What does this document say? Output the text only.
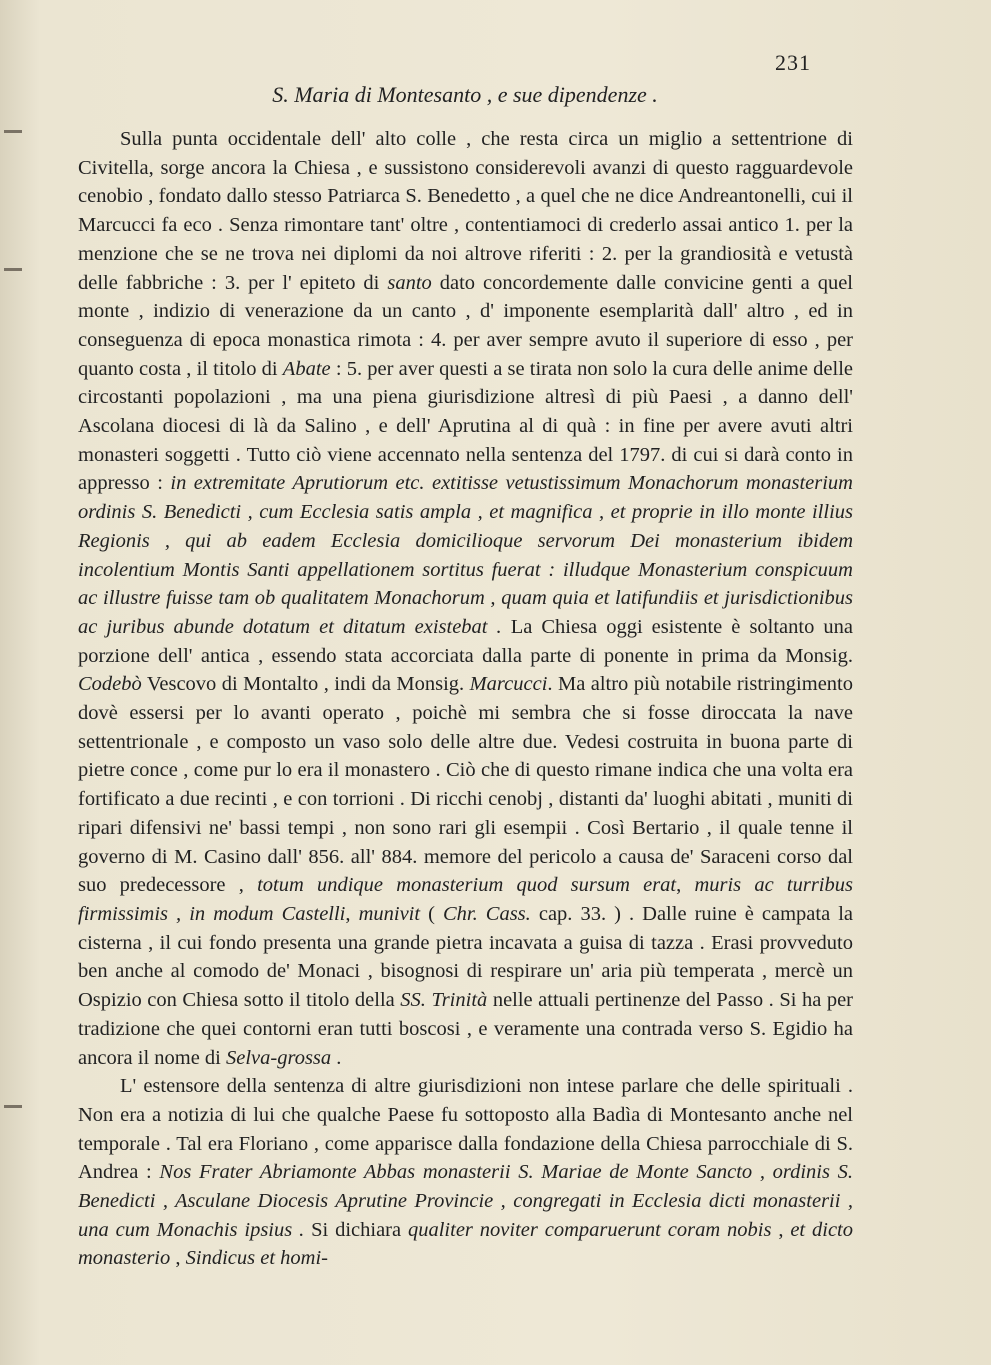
231
S. Maria di Montesanto , e sue dipendenze .

Sulla punta occidentale dell' alto colle , che resta circa un miglio a settentrione di Civitella, sorge ancora la Chiesa , e sussistono considerevoli avanzi di questo ragguardevole cenobio , fondato dallo stesso Patriarca S. Benedetto , a quel che ne dice Andreantonelli, cui il Marcucci fa eco . Senza rimontare tant' oltre , contentiamoci di crederlo assai antico 1. per la menzione che se ne trova nei diplomi da noi altrove riferiti : 2. per la grandiosità e vetustà delle fabbriche : 3. per l' epiteto di santo dato concordemente dalle convicine genti a quel monte , indizio di venerazione da un canto , d' imponente esemplarità dall' altro , ed in conseguenza di epoca monastica rimota : 4. per aver sempre avuto il superiore di esso , per quanto costa , il titolo di Abate : 5. per aver questi a se tirata non solo la cura delle anime delle circostanti popolazioni , ma una piena giurisdizione altresì di più Paesi , a danno dell' Ascolana diocesi di là da Salino , e dell' Aprutina al di quà : in fine per avere avuti altri monasteri soggetti . Tutto ciò viene accennato nella sentenza del 1797. di cui si darà conto in appresso : in extremitate Aprutiorum etc. extitisse vetustissimum Monachorum monasterium ordinis S. Benedicti , cum Ecclesia satis ampla , et magnifica , et proprie in illo monte illius Regionis , qui ab eadem Ecclesia domicilioque servorum Dei monasterium ibidem incolentium Montis Santi appellationem sortitus fuerat : illudque Monasterium conspicuum ac illustre fuisse tam ob qualitatem Monachorum , quam quia et latifundiis et jurisdictionibus ac juribus abunde dotatum et ditatum existebat . La Chiesa oggi esistente è soltanto una porzione dell' antica , essendo stata accorciata dalla parte di ponente in prima da Monsig. Codebò Vescovo di Montalto , indi da Monsig. Marcucci. Ma altro più notabile ristringimento dovè essersi per lo avanti operato , poichè mi sembra che si fosse diroccata la nave settentrionale , e composto un vaso solo delle altre due. Vedesi costruita in buona parte di pietre conce , come pur lo era il monastero . Ciò che di questo rimane indica che una volta era fortificato a due recinti , e con torrioni . Di ricchi cenobj , distanti da' luoghi abitati , muniti di ripari difensivi ne' bassi tempi , non sono rari gli esempii . Così Bertario , il quale tenne il governo di M. Casino dall' 856. all' 884. memore del pericolo a causa de' Saraceni corso dal suo predecessore , totum undique monasterium quod sursum erat, muris ac turribus firmissimis , in modum Castelli, munivit ( Chr. Cass. cap. 33. ) . Dalle ruine è campata la cisterna , il cui fondo presenta una grande pietra incavata a guisa di tazza . Erasi provveduto ben anche al comodo de' Monaci , bisognosi di respirare un' aria più temperata , mercè un Ospizio con Chiesa sotto il titolo della SS. Trinità nelle attuali pertinenze del Passo . Si ha per tradizione che quei contorni eran tutti boscosi , e veramente una contrada verso S. Egidio ha ancora il nome di Selva-grossa .

L' estensore della sentenza di altre giurisdizioni non intese parlare che delle spirituali . Non era a notizia di lui che qualche Paese fu sottoposto alla Badìa di Montesanto anche nel temporale . Tal era Floriano , come apparisce dalla fondazione della Chiesa parrocchiale di S. Andrea : Nos Frater Abriamonte Abbas monasterii S. Mariae de Monte Sancto , ordinis S. Benedicti , Asculane Diocesis Aprutine Provincie , congregati in Ecclesia dicti monasterii , una cum Monachis ipsius . Si dichiara qualiter noviter comparuerunt coram nobis , et dicto monasterio , Sindicus et homi-
